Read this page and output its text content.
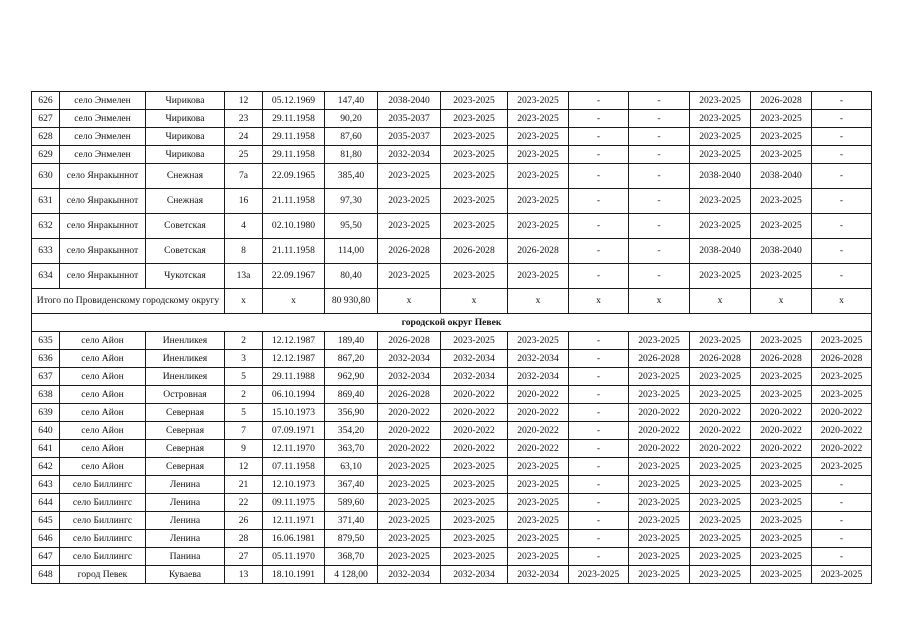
626	село Энмелен	Чирикова	12	05.12.1969	147,40	2038-2040	2023-2025	2023-2025	-	-	2023-2025	2026-2028	-
627	село Энмелен	Чирикова	23	29.11.1958	90,20	2035-2037	2023-2025	2023-2025	-	-	2023-2025	2023-2025	-
628	село Энмелен	Чирикова	24	29.11.1958	87,60	2035-2037	2023-2025	2023-2025	-	-	2023-2025	2023-2025	-
629	село Энмелен	Чирикова	25	29.11.1958	81,80	2032-2034	2023-2025	2023-2025	-	-	2023-2025	2023-2025	-
630	село Янракыннот	Снежная	7а	22.09.1965	385,40	2023-2025	2023-2025	2023-2025	-	-	2038-2040	2038-2040	-
631	село Янракыннот	Снежная	16	21.11.1958	97,30	2023-2025	2023-2025	2023-2025	-	-	2023-2025	2023-2025	-
632	село Янракыннот	Советская	4	02.10.1980	95,50	2023-2025	2023-2025	2023-2025	-	-	2023-2025	2023-2025	-
633	село Янракыннот	Советская	8	21.11.1958	114,00	2026-2028	2026-2028	2026-2028	-	-	2038-2040	2038-2040	-
634	село Янракыннот	Чукотская	13а	22.09.1967	80,40	2023-2025	2023-2025	2023-2025	-	-	2023-2025	2023-2025	-
Итого по Провиденскому городскому округу			x	x	80 930,80	x	x	x	x	x	x	x	x
городской округ Певек													
635	село Айон	Иненликея	2	12.12.1987	189,40	2026-2028	2023-2025	2023-2025	-	2023-2025	2023-2025	2023-2025	2023-2025
636	село Айон	Иненликея	3	12.12.1987	867,20	2032-2034	2032-2034	2032-2034	-	2026-2028	2026-2028	2026-2028	2026-2028
637	село Айон	Иненликея	5	29.11.1988	962,90	2032-2034	2032-2034	2032-2034	-	2023-2025	2023-2025	2023-2025	2023-2025
638	село Айон	Островная	2	06.10.1994	869,40	2026-2028	2020-2022	2020-2022	-	2023-2025	2023-2025	2023-2025	2023-2025
639	село Айон	Северная	5	15.10.1973	356,90	2020-2022	2020-2022	2020-2022	-	2020-2022	2020-2022	2020-2022	2020-2022
640	село Айон	Северная	7	07.09.1971	354,20	2020-2022	2020-2022	2020-2022	-	2020-2022	2020-2022	2020-2022	2020-2022
641	село Айон	Северная	9	12.11.1970	363,70	2020-2022	2020-2022	2020-2022	-	2020-2022	2020-2022	2020-2022	2020-2022
642	село Айон	Северная	12	07.11.1958	63,10	2023-2025	2023-2025	2023-2025	-	2023-2025	2023-2025	2023-2025	2023-2025
643	село Биллингс	Ленина	21	12.10.1973	367,40	2023-2025	2023-2025	2023-2025	-	2023-2025	2023-2025	2023-2025	-
644	село Биллингс	Ленина	22	09.11.1975	589,60	2023-2025	2023-2025	2023-2025	-	2023-2025	2023-2025	2023-2025	-
645	село Биллингс	Ленина	26	12.11.1971	371,40	2023-2025	2023-2025	2023-2025	-	2023-2025	2023-2025	2023-2025	-
646	село Биллингс	Ленина	28	16.06.1981	879,50	2023-2025	2023-2025	2023-2025	-	2023-2025	2023-2025	2023-2025	-
647	село Биллингс	Панина	27	05.11.1970	368,70	2023-2025	2023-2025	2023-2025	-	2023-2025	2023-2025	2023-2025	-
648	город Певек	Куваева	13	18.10.1991	4 128,00	2032-2034	2032-2034	2032-2034	2023-2025	2023-2025	2023-2025	2023-2025	2023-2025
